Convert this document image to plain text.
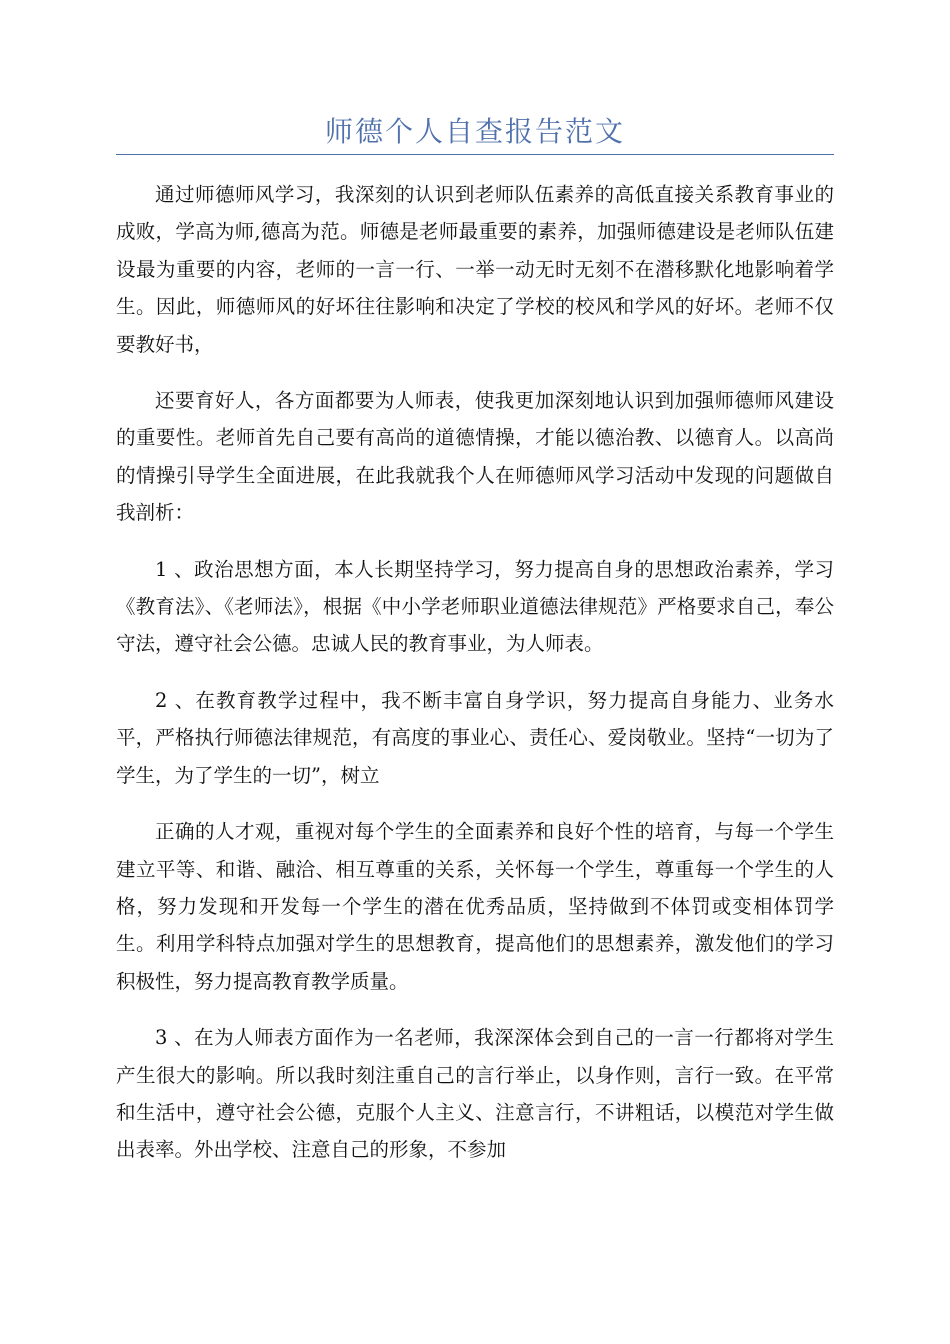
师德个人自查报告范文

通过师德师风学习，我深刻的认识到老师队伍素养的高低直接关系教育事业的成败，学高为师,德高为范。师德是老师最重要的素养，加强师德建设是老师队伍建设最为重要的内容，老师的一言一行、一举一动无时无刻不在潜移默化地影响着学生。因此，师德师风的好坏往往影响和决定了学校的校风和学风的好坏。老师不仅要教好书，

还要育好人，各方面都要为人师表，使我更加深刻地认识到加强师德师风建设的重要性。老师首先自己要有高尚的道德情操，才能以德治教、以德育人。以高尚的情操引导学生全面进展，在此我就我个人在师德师风学习活动中发现的问题做自我剖析：

1 、政治思想方面，本人长期坚持学习，努力提高自身的思想政治素养，学习《教育法》、《老师法》，根据《中小学老师职业道德法律规范》严格要求自己，奉公守法，遵守社会公德。忠诚人民的教育事业，为人师表。

2 、在教育教学过程中，我不断丰富自身学识，努力提高自身能力、业务水平，严格执行师德法律规范，有高度的事业心、责任心、爱岗敬业。坚持“一切为了学生，为了学生的一切”，树立

正确的人才观，重视对每个学生的全面素养和良好个性的培育，与每一个学生建立平等、和谐、融洽、相互尊重的关系，关怀每一个学生，尊重每一个学生的人格，努力发现和开发每一个学生的潜在优秀品质，坚持做到不体罚或变相体罚学生。利用学科特点加强对学生的思想教育，提高他们的思想素养，激发他们的学习积极性，努力提高教育教学质量。

3 、在为人师表方面作为一名老师，我深深体会到自己的一言一行都将对学生产生很大的影响。所以我时刻注重自己的言行举止，以身作则，言行一致。在平常和生活中，遵守社会公德，克服个人主义、注意言行，不讲粗话，以模范对学生做出表率。外出学校、注意自己的形象，不参加
